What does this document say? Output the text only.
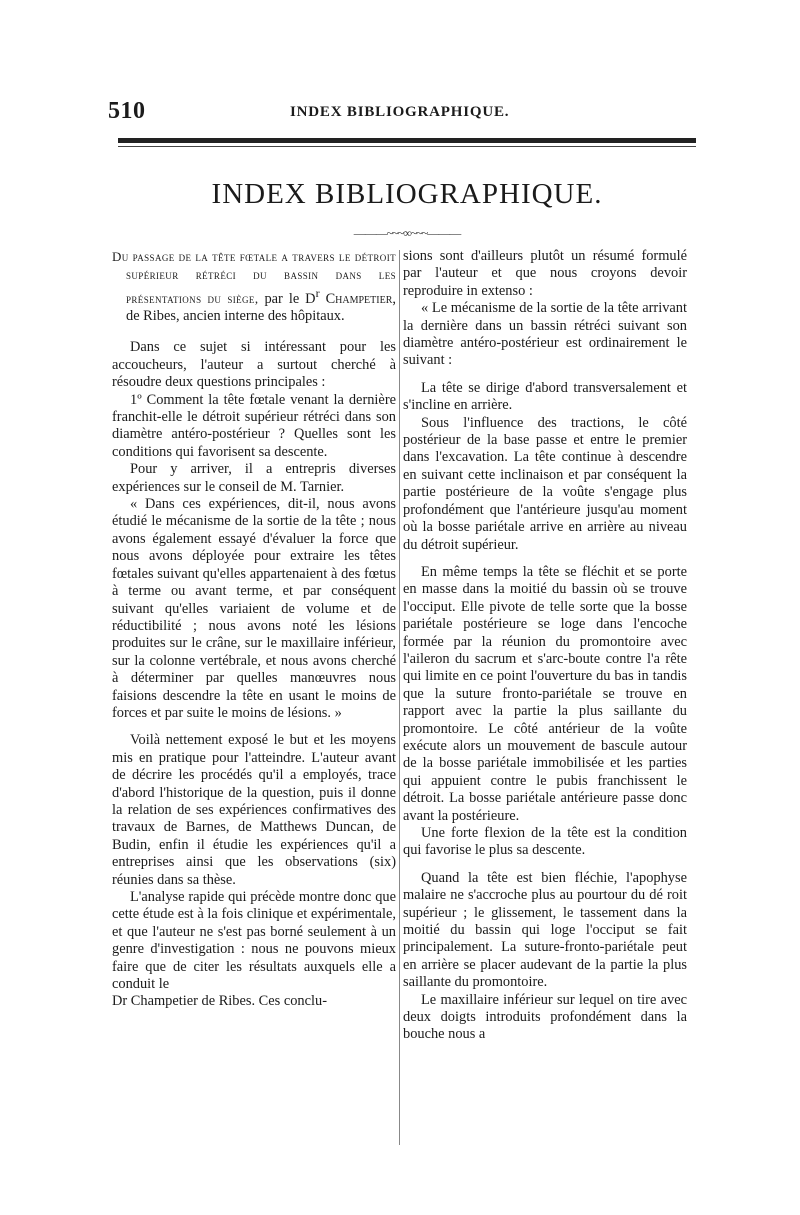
510	INDEX BIBLIOGRAPHIQUE.
INDEX BIBLIOGRAPHIQUE.
———~~~∞~~~———

Du passage de la tête fœtale a travers le détroit supérieur rétréci du bassin dans les présentations du siège, par le $D^r$ Champetier, de Ribes, ancien interne des hôpitaux.

Dans ce sujet si intéressant pour les accoucheurs, l'auteur a surtout cherché à résoudre deux questions principales :

1º Comment la tête fœtale venant la dernière franchit-elle le détroit supérieur rétréci dans son diamètre antéro-postérieur ? Quelles sont les conditions qui favorisent sa descente.

Pour y arriver, il a entrepris diverses expériences sur le conseil de M. Tarnier.

« Dans ces expériences, dit-il, nous avons étudié le mécanisme de la sortie de la tête ; nous avons également essayé d'évaluer la force que nous avons déployée pour extraire les têtes fœtales suivant qu'elles appartenaient à des fœtus à terme ou avant terme, et par conséquent suivant qu'elles variaient de volume et de réductibilité ; nous avons noté les lésions produites sur le crâne, sur le maxillaire inférieur, sur la colonne vertébrale, et nous avons cherché à déterminer par quelles manœuvres nous faisions descendre la tête en usant le moins de forces et par suite le moins de lésions. »

Voilà nettement exposé le but et les moyens mis en pratique pour l'atteindre. L'auteur avant de décrire les procédés qu'il a employés, trace d'abord l'historique de la question, puis il donne la relation de ses expériences confirmatives des travaux de Barnes, de Matthews Duncan, de Budin, enfin il étudie les expériences qu'il a entreprises ainsi que les observations (six) réunies dans sa thèse.

L'analyse rapide qui précède montre donc que cette étude est à la fois clinique et expérimentale, et que l'auteur ne s'est pas borné seulement à un genre d'investigation : nous ne pouvons mieux faire que de citer les résultats auxquels elle a conduit le

Dr Champetier de Ribes. Ces conclu-

sions sont d'ailleurs plutôt un résumé formulé par l'auteur et que nous croyons devoir reproduire in extenso :

« Le mécanisme de la sortie de la tête arrivant la dernière dans un bassin rétréci suivant son diamètre antéro-postérieur est ordinairement le suivant :

La tête se dirige d'abord transversalement et s'incline en arrière.

Sous l'influence des tractions, le côté postérieur de la base passe et entre le premier dans l'excavation. La tête continue à descendre en suivant cette inclinaison et par conséquent la partie postérieure de la voûte s'engage plus profondément que l'antérieure jusqu'au moment où la bosse pariétale arrive en arrière au niveau du détroit supérieur.

En même temps la tête se fléchit et se porte en masse dans la moitié du bassin où se trouve l'occiput. Elle pivote de telle sorte que la bosse pariétale postérieure se loge dans l'encoche formée par la réunion du promontoire avec l'aileron du sacrum et s'arc-boute contre l'a rête qui limite en ce point l'ouverture du bas in tandis que la suture fronto-pariétale se trouve en rapport avec la partie la plus saillante du promontoire. Le côté antérieur de la voûte exécute alors un mouvement de bascule autour de la bosse pariétale immobilisée et les parties qui appuient contre le pubis franchissent le détroit. La bosse pariétale antérieure passe donc avant la postérieure.

Une forte flexion de la tête est la condition qui favorise le plus sa descente.

Quand la tête est bien fléchie, l'apophyse malaire ne s'accroche plus au pourtour du dé roit supérieur ; le glissement, le tassement dans la moitié du bassin qui loge l'occiput se fait principalement. La suture-fronto-pariétale peut en arrière se placer audevant de la partie la plus saillante du promontoire.

Le maxillaire inférieur sur lequel on tire avec deux doigts introduits profondément dans la bouche nous a
